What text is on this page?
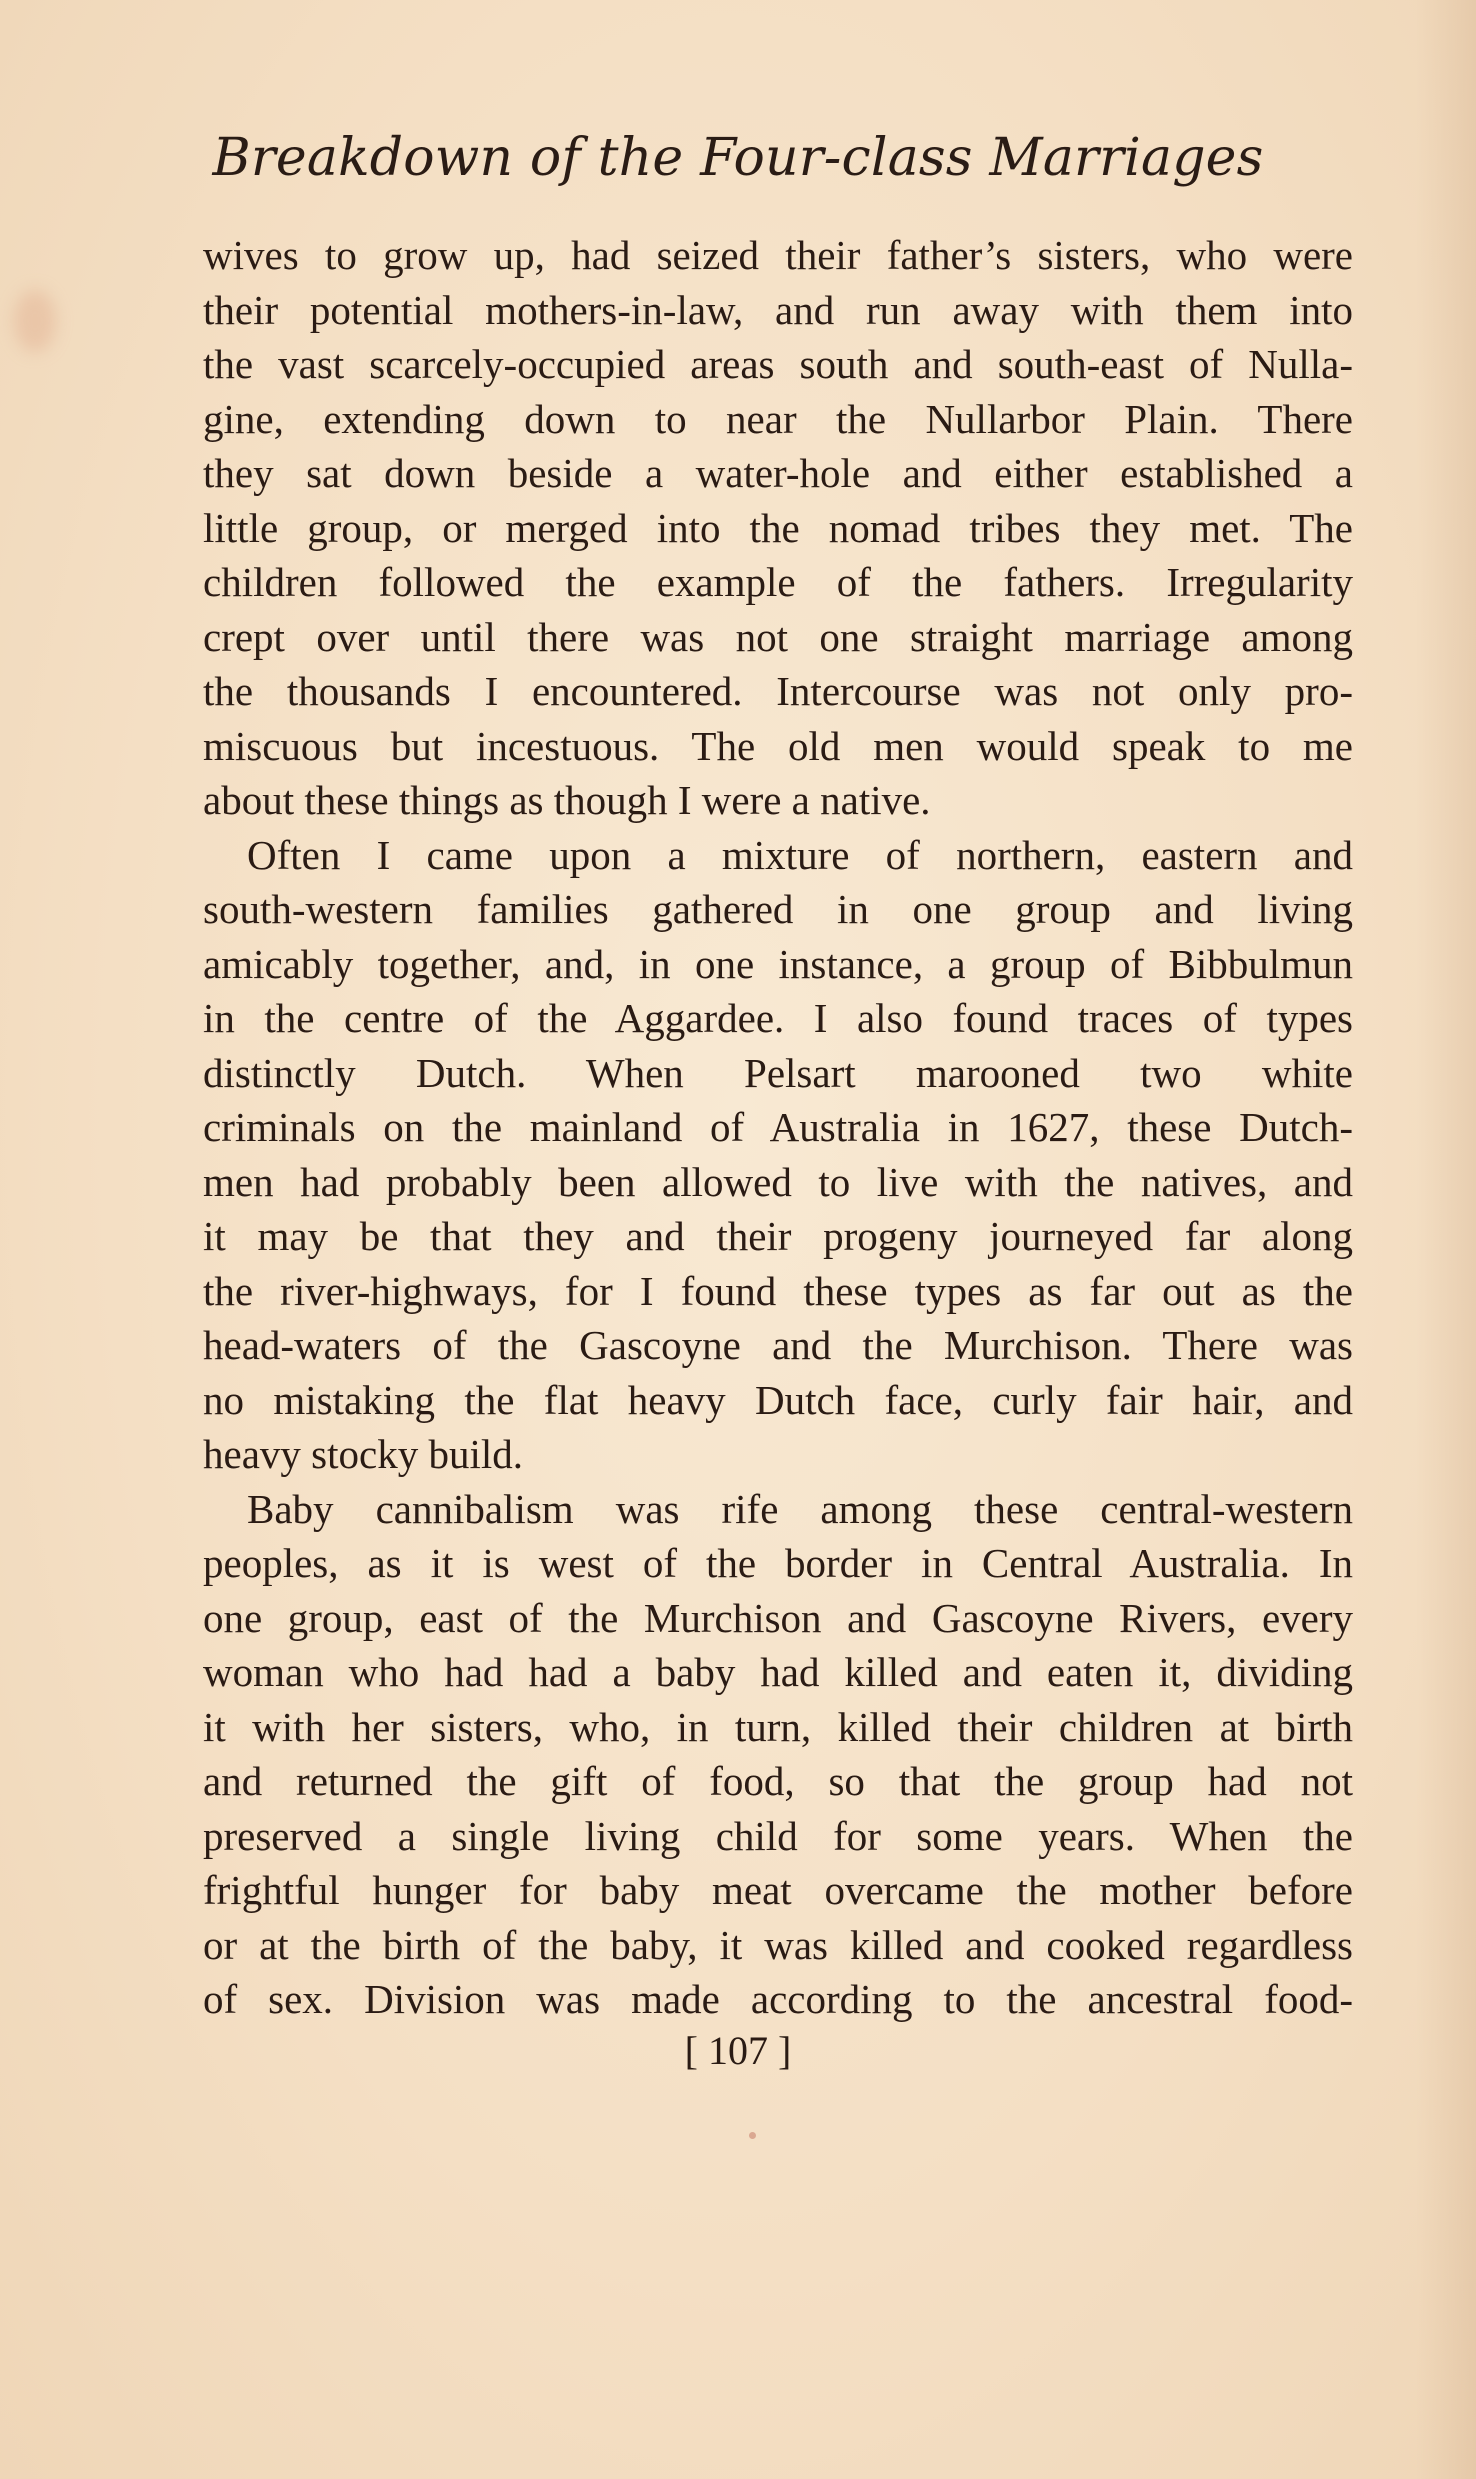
Breakdown of the Four-class Marriages
wives to grow up, had seized their father’s sisters, who were
their potential mothers-in-law, and run away with them into
the vast scarcely-occupied areas south and south-east of Nulla-
gine, extending down to near the Nullarbor Plain. There
they sat down beside a water-hole and either established a
little group, or merged into the nomad tribes they met. The
children followed the example of the fathers. Irregularity
crept over until there was not one straight marriage among
the thousands I encountered. Intercourse was not only pro-
miscuous but incestuous. The old men would speak to me
about these things as though I were a native.
Often I came upon a mixture of northern, eastern and
south-western families gathered in one group and living
amicably together, and, in one instance, a group of Bibbulmun
in the centre of the Aggardee. I also found traces of types
distinctly Dutch. When Pelsart marooned two white
criminals on the mainland of Australia in 1627, these Dutch-
men had probably been allowed to live with the natives, and
it may be that they and their progeny journeyed far along
the river-highways, for I found these types as far out as the
head-waters of the Gascoyne and the Murchison. There was
no mistaking the flat heavy Dutch face, curly fair hair, and
heavy stocky build.
Baby cannibalism was rife among these central-western
peoples, as it is west of the border in Central Australia. In
one group, east of the Murchison and Gascoyne Rivers, every
woman who had had a baby had killed and eaten it, dividing
it with her sisters, who, in turn, killed their children at birth
and returned the gift of food, so that the group had not
preserved a single living child for some years. When the
frightful hunger for baby meat overcame the mother before
or at the birth of the baby, it was killed and cooked regardless
of sex. Division was made according to the ancestral food-
[ 107 ]
